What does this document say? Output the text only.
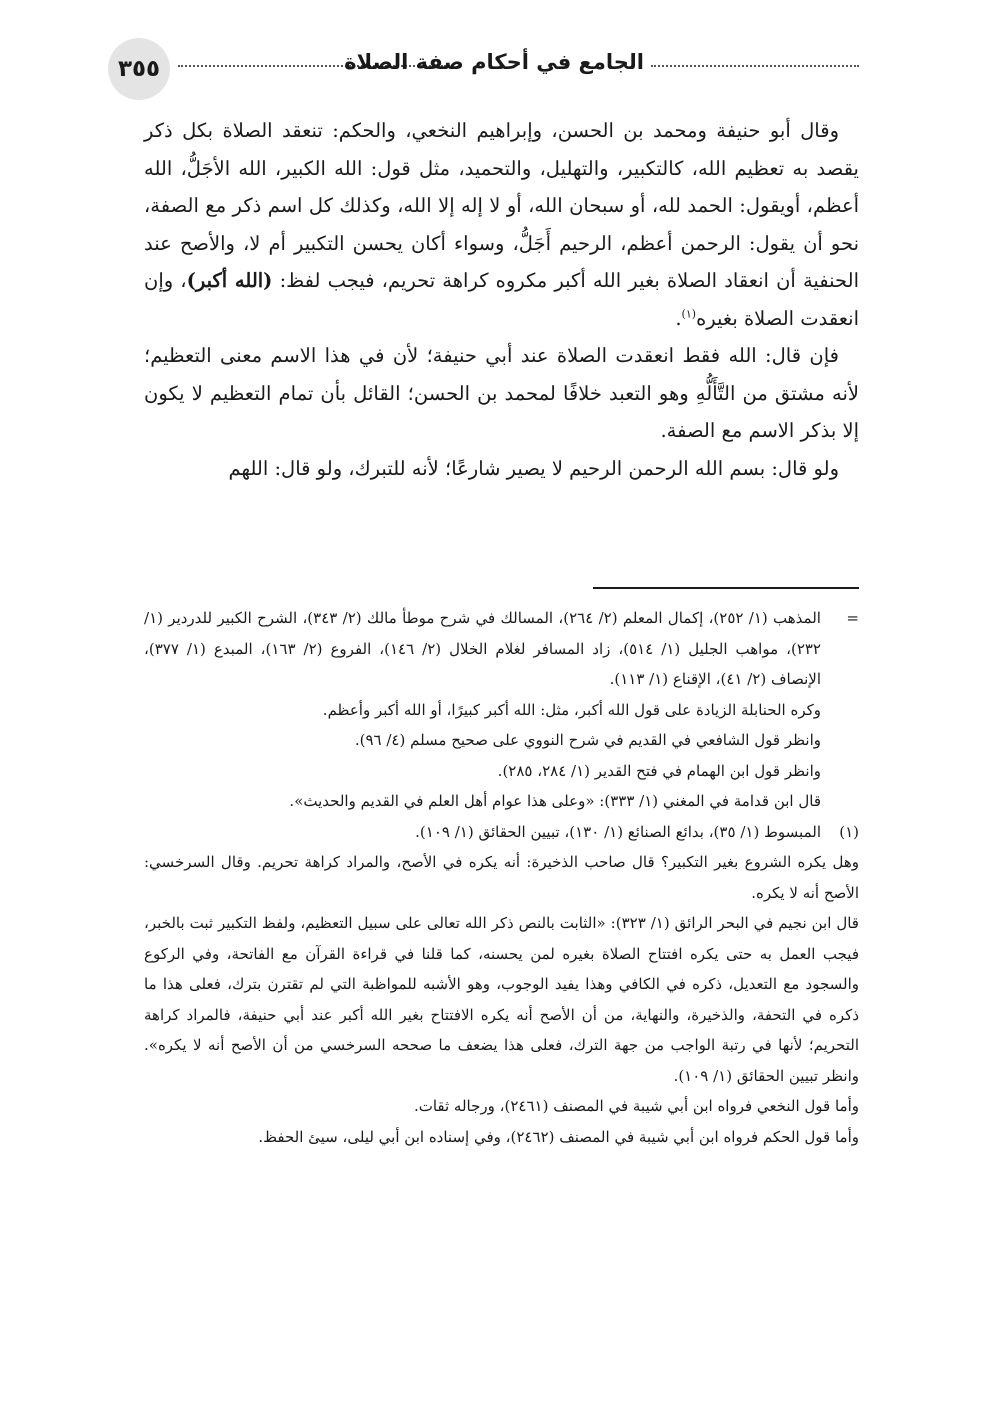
٣٥٥	الجامع في أحكام صفة الصلاة

وقال أبو حنيفة ومحمد بن الحسن، وإبراهيم النخعي، والحكم: تنعقد الصلاة بكل ذكر يقصد به تعظيم الله، كالتكبير، والتهليل، والتحميد، مثل قول: الله الكبير، الله الأجَلُّ، الله أعظم، أويقول: الحمد لله، أو سبحان الله، أو لا إله إلا الله، وكذلك كل اسم ذكر مع الصفة، نحو أن يقول: الرحمن أعظم، الرحيم أَجَلُّ، وسواء أكان يحسن التكبير أم لا، والأصح عند الحنفية أن انعقاد الصلاة بغير الله أكبر مكروه كراهة تحريم، فيجب لفظ: (الله أكبر)، وإن انعقدت الصلاة بغيره$^{(١)}$.

فإن قال: الله فقط انعقدت الصلاة عند أبي حنيفة؛ لأن في هذا الاسم معنى التعظيم؛ لأنه مشتق من التَّأَلُّهِ وهو التعبد خلافًا لمحمد بن الحسن؛ القائل بأن تمام التعظيم لا يكون إلا بذكر الاسم مع الصفة.

ولو قال: بسم الله الرحمن الرحيم لا يصير شارعًا؛ لأنه للتبرك، ولو قال: اللهم

=
المذهب (١/ ٢٥٢)، إكمال المعلم (٢/ ٢٦٤)، المسالك في شرح موطأ مالك (٢/ ٣٤٣)، الشرح الكبير للدردير (١/ ٢٣٢)، مواهب الجليل (١/ ٥١٤)، زاد المسافر لغلام الخلال (٢/ ١٤٦)، الفروع (٢/ ١٦٣)، المبدع (١/ ٣٧٧)، الإنصاف (٢/ ٤١)، الإقناع (١/ ١١٣).

وكره الحنابلة الزيادة على قول الله أكبر، مثل: الله أكبر كبيرًا، أو الله أكبر وأعظم.

وانظر قول الشافعي في القديم في شرح النووي على صحيح مسلم (٤/ ٩٦).

وانظر قول ابن الهمام في فتح القدير (١/ ٢٨٤، ٢٨٥).

قال ابن قدامة في المغني (١/ ٣٣٣): «وعلى هذا عوام أهل العلم في القديم والحديث».

(١)
المبسوط (١/ ٣٥)، بدائع الصنائع (١/ ١٣٠)، تبيين الحقائق (١/ ١٠٩).

وهل يكره الشروع بغير التكبير؟ قال صاحب الذخيرة: أنه يكره في الأصح، والمراد كراهة تحريم. وقال السرخسي: الأصح أنه لا يكره.

قال ابن نجيم في البحر الرائق (١/ ٣٢٣): «الثابت بالنص ذكر الله تعالى على سبيل التعظيم، ولفظ التكبير ثبت بالخبر، فيجب العمل به حتى يكره افتتاح الصلاة بغيره لمن يحسنه، كما قلنا في قراءة القرآن مع الفاتحة، وفي الركوع والسجود مع التعديل، ذكره في الكافي وهذا يفيد الوجوب، وهو الأشبه للمواظبة التي لم تقترن بترك، فعلى هذا ما ذكره في التحفة، والذخيرة، والنهاية، من أن الأصح أنه يكره الافتتاح بغير الله أكبر عند أبي حنيفة، فالمراد كراهة التحريم؛ لأنها في رتبة الواجب من جهة الترك، فعلى هذا يضعف ما صححه السرخسي من أن الأصح أنه لا يكره». وانظر تبيين الحقائق (١/ ١٠٩).

وأما قول النخعي فرواه ابن أبي شيبة في المصنف (٢٤٦١)، ورجاله ثقات.

وأما قول الحكم فرواه ابن أبي شيبة في المصنف (٢٤٦٢)، وفي إسناده ابن أبي ليلى، سيئ الحفظ.
